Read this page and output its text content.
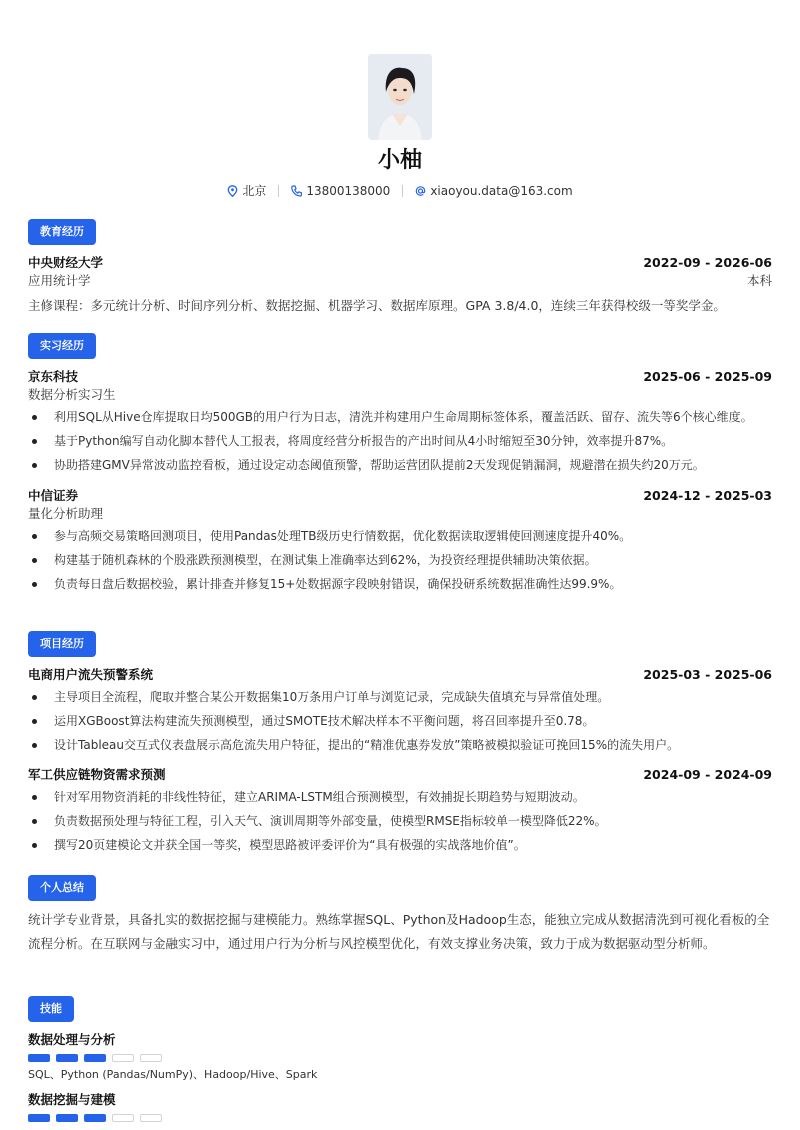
小柚
北京	13800138000	xiaoyou.data@163.com
教育经历
中央财经大学	2022-09 - 2026-06
应用统计学	本科
主修课程：多元统计分析、时间序列分析、数据挖掘、机器学习、数据库原理。GPA 3.8/4.0，连续三年获得校级一等奖学金。
实习经历
京东科技	2025-06 - 2025-09
数据分析实习生
利用SQL从Hive仓库提取日均500GB的用户行为日志，清洗并构建用户生命周期标签体系，覆盖活跃、留存、流失等6个核心维度。
基于Python编写自动化脚本替代人工报表，将周度经营分析报告的产出时间从4小时缩短至30分钟，效率提升87%。
协助搭建GMV异常波动监控看板，通过设定动态阈值预警，帮助运营团队提前2天发现促销漏洞，规避潜在损失约20万元。
中信证券	2024-12 - 2025-03
量化分析助理
参与高频交易策略回测项目，使用Pandas处理TB级历史行情数据，优化数据读取逻辑使回测速度提升40%。
构建基于随机森林的个股涨跌预测模型，在测试集上准确率达到62%，为投资经理提供辅助决策依据。
负责每日盘后数据校验，累计排查并修复15+处数据源字段映射错误，确保投研系统数据准确性达99.9%。
项目经历
电商用户流失预警系统	2025-03 - 2025-06
主导项目全流程，爬取并整合某公开数据集10万条用户订单与浏览记录，完成缺失值填充与异常值处理。
运用XGBoost算法构建流失预测模型，通过SMOTE技术解决样本不平衡问题，将召回率提升至0.78。
设计Tableau交互式仪表盘展示高危流失用户特征，提出的“精准优惠券发放”策略被模拟验证可挽回15%的流失用户。
军工供应链物资需求预测	2024-09 - 2024-09
针对军用物资消耗的非线性特征，建立ARIMA-LSTM组合预测模型，有效捕捉长期趋势与短期波动。
负责数据预处理与特征工程，引入天气、演训周期等外部变量，使模型RMSE指标较单一模型降低22%。
撰写20页建模论文并获全国一等奖，模型思路被评委评价为“具有极强的实战落地价值”。
个人总结
统计学专业背景，具备扎实的数据挖掘与建模能力。熟练掌握SQL、Python及Hadoop生态，能独立完成从数据清洗到可视化看板的全流程分析。在互联网与金融实习中，通过用户行为分析与风控模型优化，有效支撑业务决策，致力于成为数据驱动型分析师。
技能
数据处理与分析
SQL、Python (Pandas/NumPy)、Hadoop/Hive、Spark
数据挖掘与建模
